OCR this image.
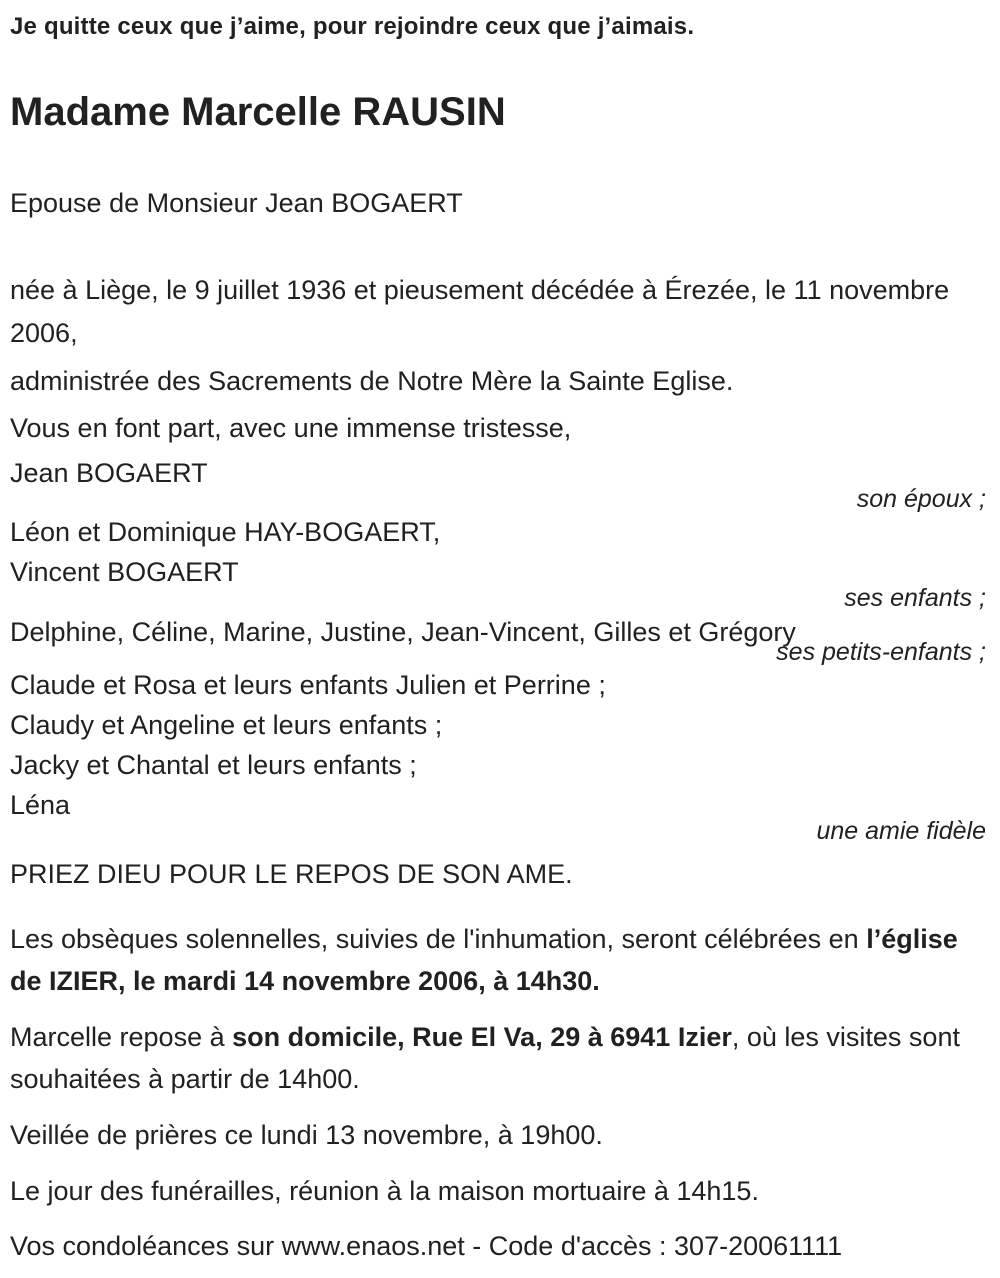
Je quitte ceux que j’aime, pour rejoindre ceux que j’aimais.

Madame Marcelle RAUSIN

Epouse de Monsieur Jean BOGAERT

née à Liège, le 9 juillet 1936 et pieusement décédée à Érezée, le 11 novembre 2006,

administrée des Sacrements de Notre Mère la Sainte Eglise.

Vous en font part, avec une immense tristesse,

Jean BOGAERT

son époux ;

Léon et Dominique HAY-BOGAERT,

Vincent BOGAERT

ses enfants ;

Delphine, Céline, Marine, Justine, Jean-Vincent, Gilles et Grégory

ses petits-enfants ;

Claude et Rosa et leurs enfants Julien et Perrine ;

Claudy et Angeline et leurs enfants ;

Jacky et Chantal et leurs enfants ;

Léna

une amie fidèle

PRIEZ DIEU POUR LE REPOS DE SON AME.

Les obsèques solennelles, suivies de l'inhumation, seront célébrées en l’église de IZIER, le mardi 14 novembre 2006, à 14h30.

Marcelle repose à son domicile, Rue El Va, 29 à 6941 Izier, où les visites sont souhaitées à partir de 14h00.

Veillée de prières ce lundi 13 novembre, à 19h00.

Le jour des funérailles, réunion à la maison mortuaire à 14h15.

Vos condoléances sur www.enaos.net - Code d'accès : 307-20061111
